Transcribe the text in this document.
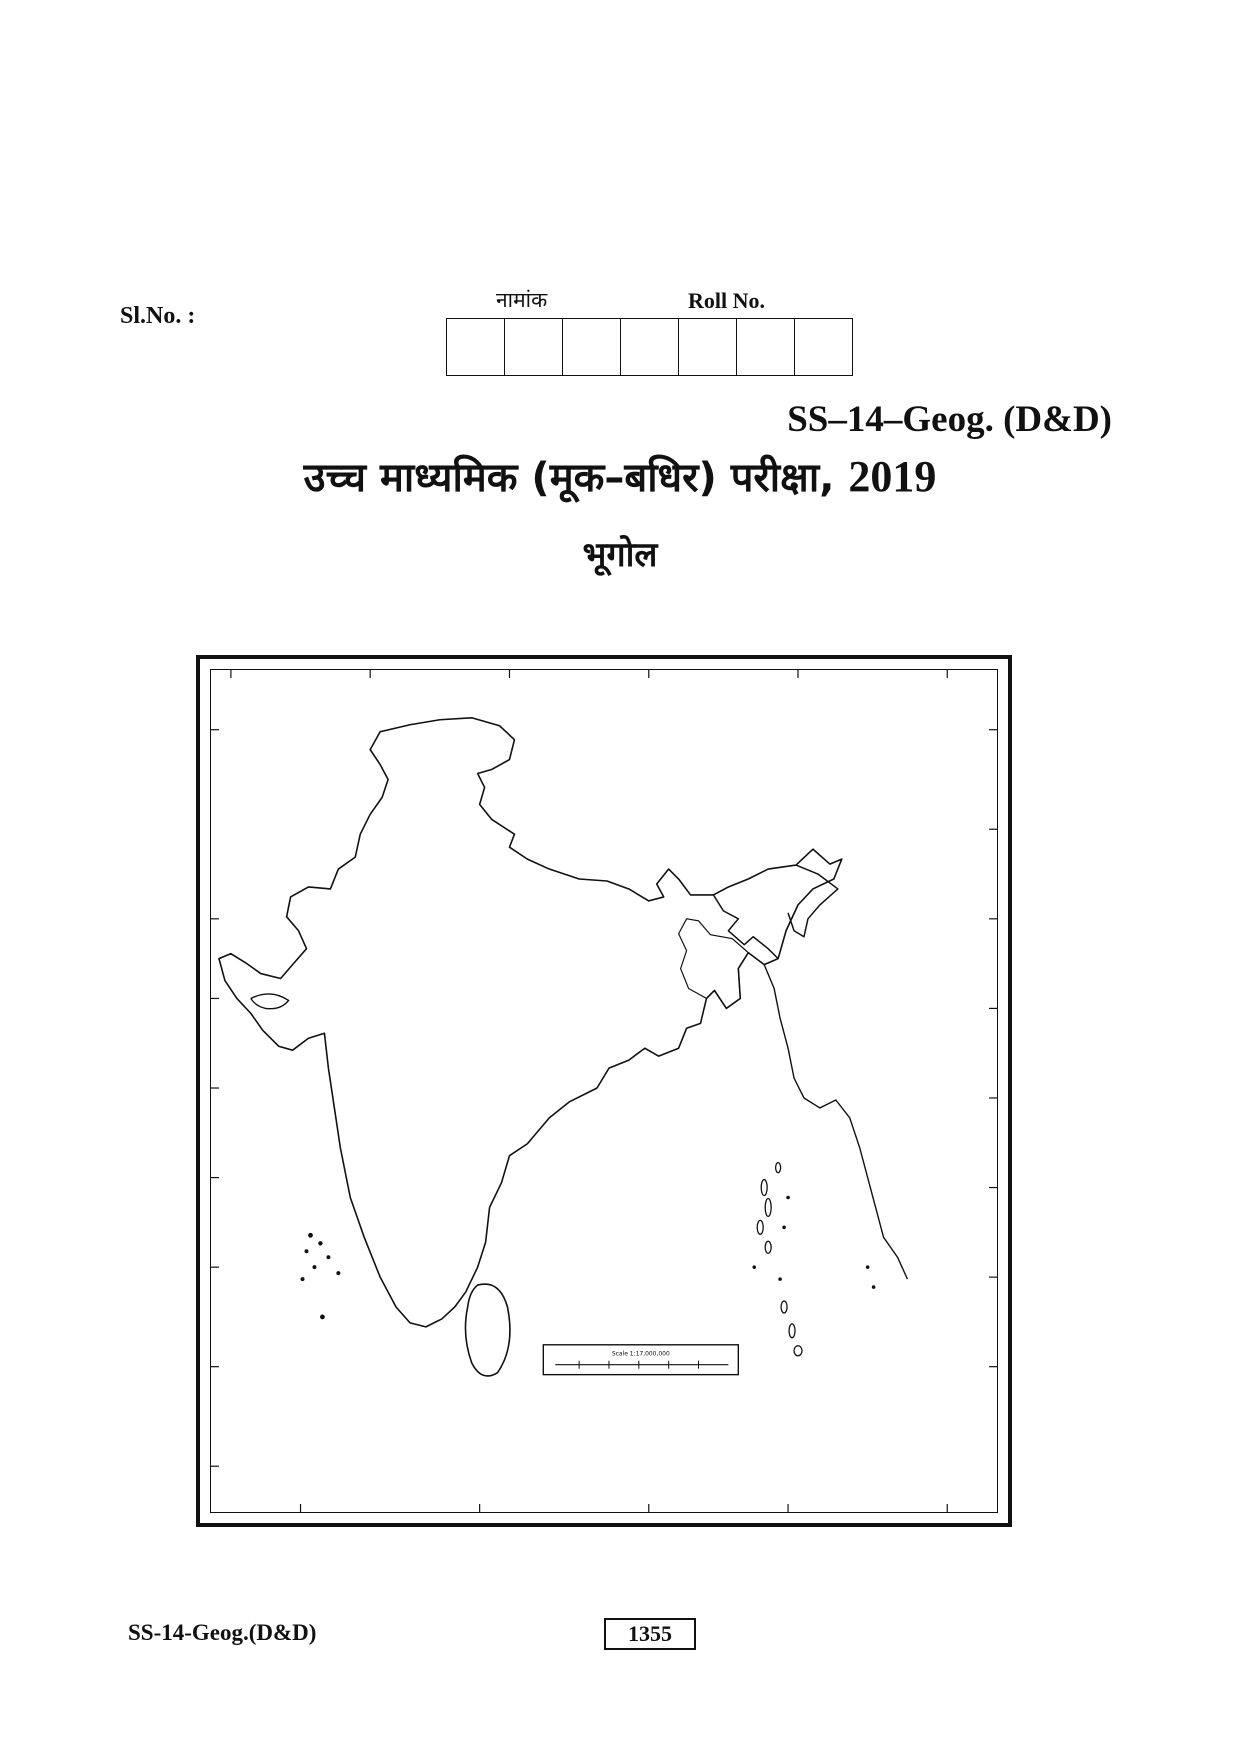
Sl.No. :
नामांक	Roll No.
SS–14–Geog. (D&D)
उच्च माध्यमिक (मूक–बधिर) परीक्षा, 2019
भूगोल
Scale 1:17,000,000
SS-14-Geog.(D&D)	1355
